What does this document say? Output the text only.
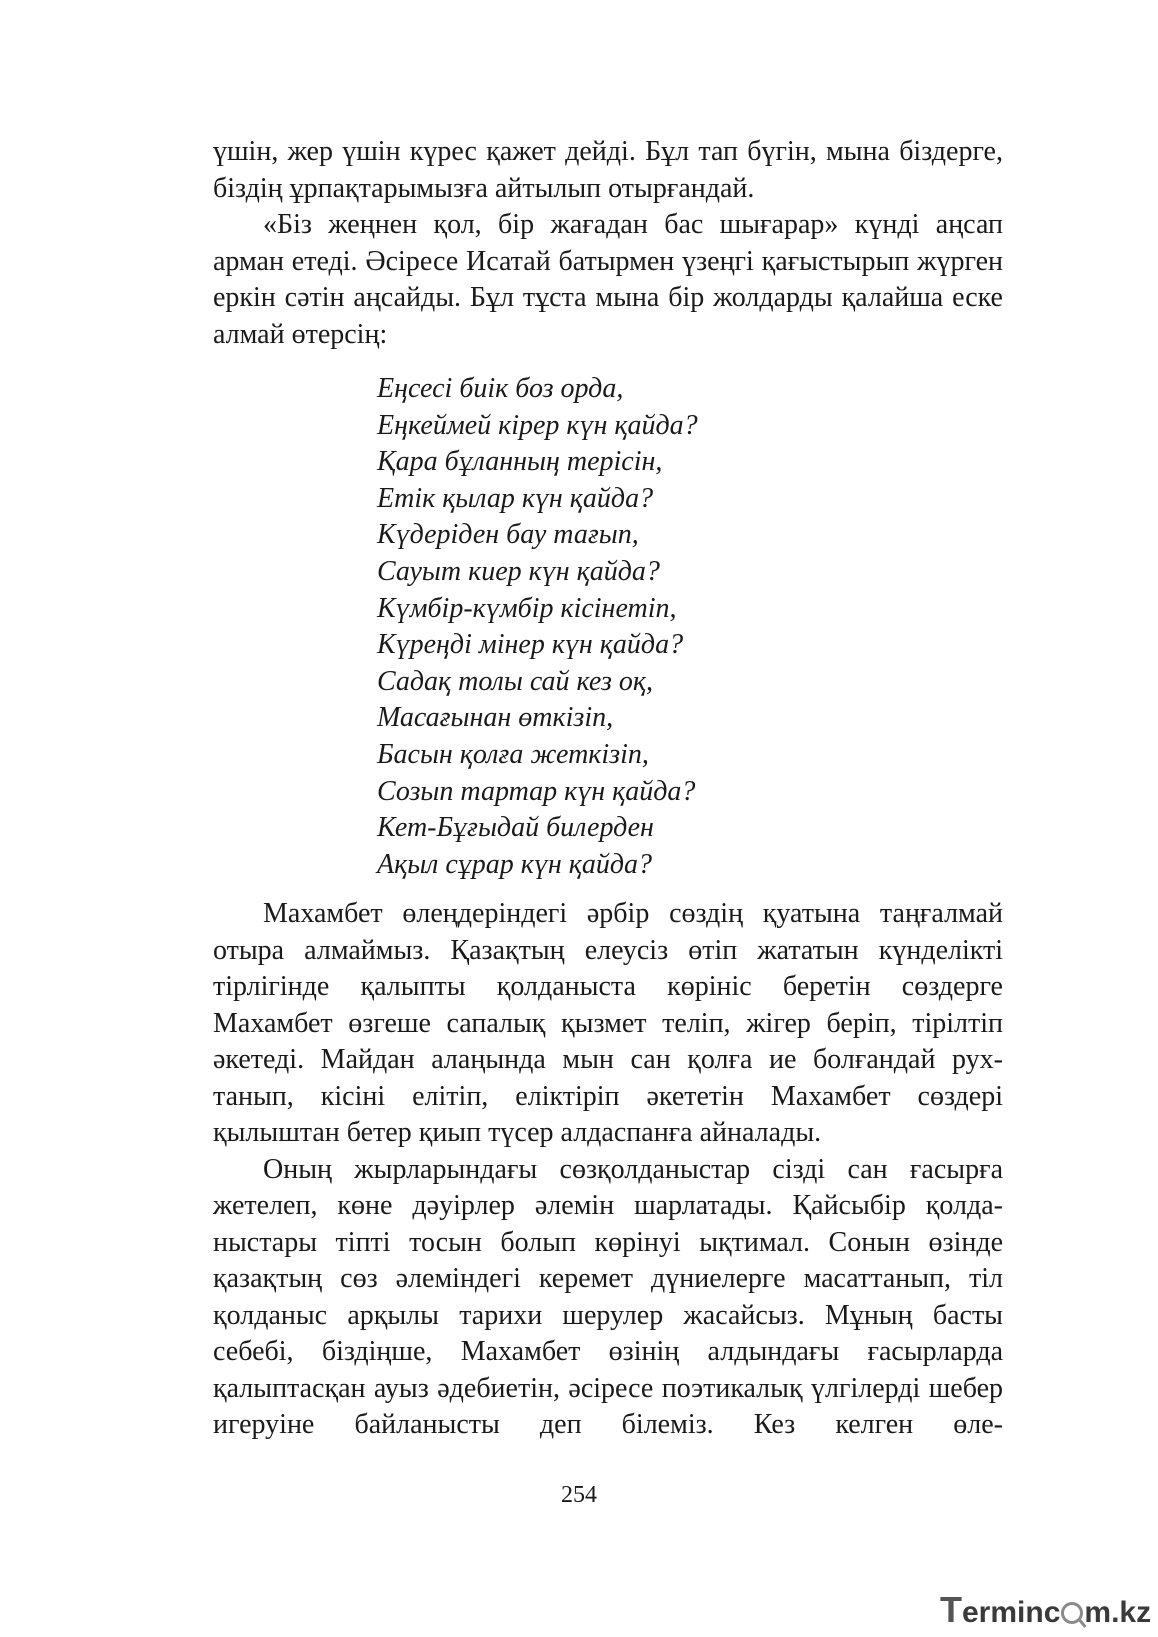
үшін, жер үшін күрес қажет дейді. Бұл тап бүгін, мына біздерге, біздің ұрпақтарымызға айтылып отырғандай.

«Біз жеңнен қол, бір жағадан бас шығарар» күнді аңсап арман етеді. Әсіресе Исатай батырмен үзеңгі қағыстырып жүрген еркін сәтін аңсайды. Бұл тұста мына бір жолдарды қалайша еске алмай өтерсің:

Еңсесі биік боз орда,
Еңкеймей кірер күн қайда?
Қара бұланның терісін,
Етік қылар күн қайда?
Күдеріден бау тағып,
Сауыт киер күн қайда?
Күмбір-күмбір кісінетіп,
Күреңді мінер күн қайда?
Садақ толы сай кез оқ,
Масағынан өткізіп,
Басын қолға жеткізіп,
Созып тартар күн қайда?
Кет-Бұғыдай билерден
Ақыл сұрар күн қайда?

Махамбет өлеңдеріндегі әрбір сөздің қуатына таңғалмай отыра алмаймыз. Қазақтың елеусіз өтіп жататын күнделікті тірлігінде қалыпты қолданыста көрініс беретін сөздерге Махамбет өзгеше сапалық қызмет теліп, жігер беріп, тірілтіп әкетеді. Майдан алаңында мын сан қолға ие болғандай рух-танып, кісіні елітіп, еліктіріп әкететін Махамбет сөздері қылыштан бетер қиып түсер алдаспанға айналады.

Оның жырларындағы сөзқолданыстар сізді сан ғасырға жетелеп, көне дәуірлер әлемін шарлатады. Қайсыбір қолда-ныстары тіпті тосын болып көрінуі ықтимал. Сонын өзінде қазақтың сөз әлеміндегі керемет дүниелерге масаттанып, тіл қолданыс арқылы тарихи шерулер жасайсыз. Мұның басты себебі, біздіңше, Махамбет өзінің алдындағы ғасырларда қалыптасқан ауыз әдебиетін, әсіресе поэтикалық үлгілерді шебер игеруіне байланысты деп білеміз. Кез келген өле-

254
Terminc m.kz
